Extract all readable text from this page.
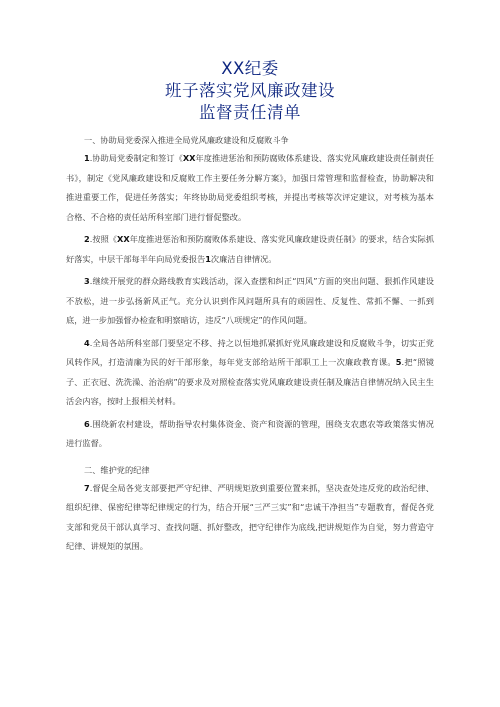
XX纪委
班子落实党风廉政建设
监督责任清单
一、协助局党委深入推进全局党风廉政建设和反腐败斗争

1.协助局党委制定和签订《XX年度推进惩治和预防腐败体系建设、落实党风廉政建设责任制责任书》，制定《党风廉政建设和反腐败工作主要任务分解方案》，加强日常管理和监督检查，协助解决和推进重要工作，促进任务落实；年终协助局党委组织考核，并提出考核等次评定建议，对考核为基本合格、不合格的责任站所科室部门进行督促整改。

2.按照《XX年度推进惩治和预防腐败体系建设、落实党风廉政建设责任制》的要求，结合实际抓好落实，中层干部每半年向局党委报告1次廉洁自律情况。

3.继续开展党的群众路线教育实践活动，深入查摆和纠正“四风”方面的突出问题、狠抓作风建设不放松，进一步弘扬新风正气。充分认识到作风问题所具有的顽固性、反复性、常抓不懈、一抓到底，进一步加强督办检查和明察暗访，违反“八项规定”的作风问题。

4.全局各站所科室部门要坚定不移、持之以恒地抓紧抓好党风廉政建设和反腐败斗争，切实正党风转作风，打造清廉为民的好干部形象，每年党支部给站所干部职工上一次廉政教育课。5.把“照镜子、正衣冠、洗洗澡、治治病”的要求及对照检查落实党风廉政建设责任制及廉洁自律情况纳入民主生活会内容，按时上报相关材料。

6.围绕新农村建设，帮助指导农村集体资金、资产和资源的管理，围绕支农惠农等政策落实情况进行监督。

二、维护党的纪律

7.督促全局各党支部要把严守纪律、严明规矩放到重要位置来抓，坚决查处违反党的政治纪律、组织纪律、保密纪律等纪律规定的行为，结合开展“三严三实”和“忠诚干净担当”专题教育，督促各党支部和党员干部认真学习、查找问题、抓好整改，把守纪律作为底线,把讲规矩作为自觉，努力营造守纪律、讲规矩的氛围。
